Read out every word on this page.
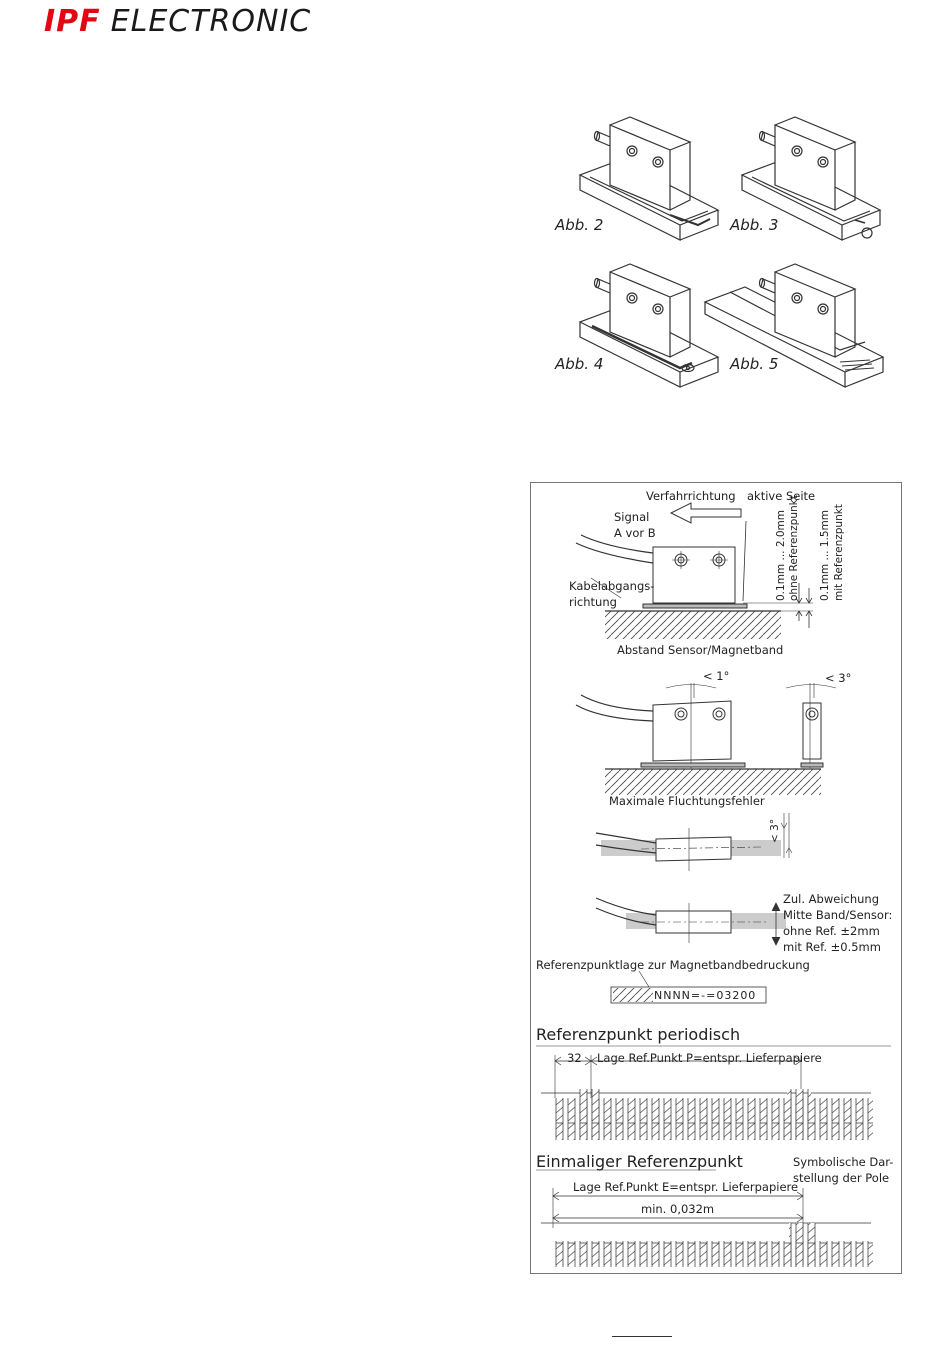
IPF ELECTRONIC
Abb. 2	Abb. 3
Abb. 4	Abb. 5
Verfahrrichtung aktive Seite
Signal
A vor B
Kabelabgangs-
richtung
0.1mm ... 2.0mm ohne Referenzpunkt 0.1mm ... 1.5mm mit Referenzpunkt
Abstand Sensor/Magnetband
< 1°	< 3°
Maximale Fluchtungsfehler
< 3°
Zul. Abweichung
Mitte Band/Sensor:
ohne Ref. ±2mm
mit Ref. ±0.5mm
Referenzpunktlage zur Magnetbandbedruckung
NNNN=-=03200
Referenzpunkt periodisch
32 Lage Ref.Punkt P=entspr. Lieferpapiere
Einmaliger Referenzpunkt	Symbolische Dar-
stellung der Pole
Lage Ref.Punkt E=entspr. Lieferpapiere
min. 0,032m
